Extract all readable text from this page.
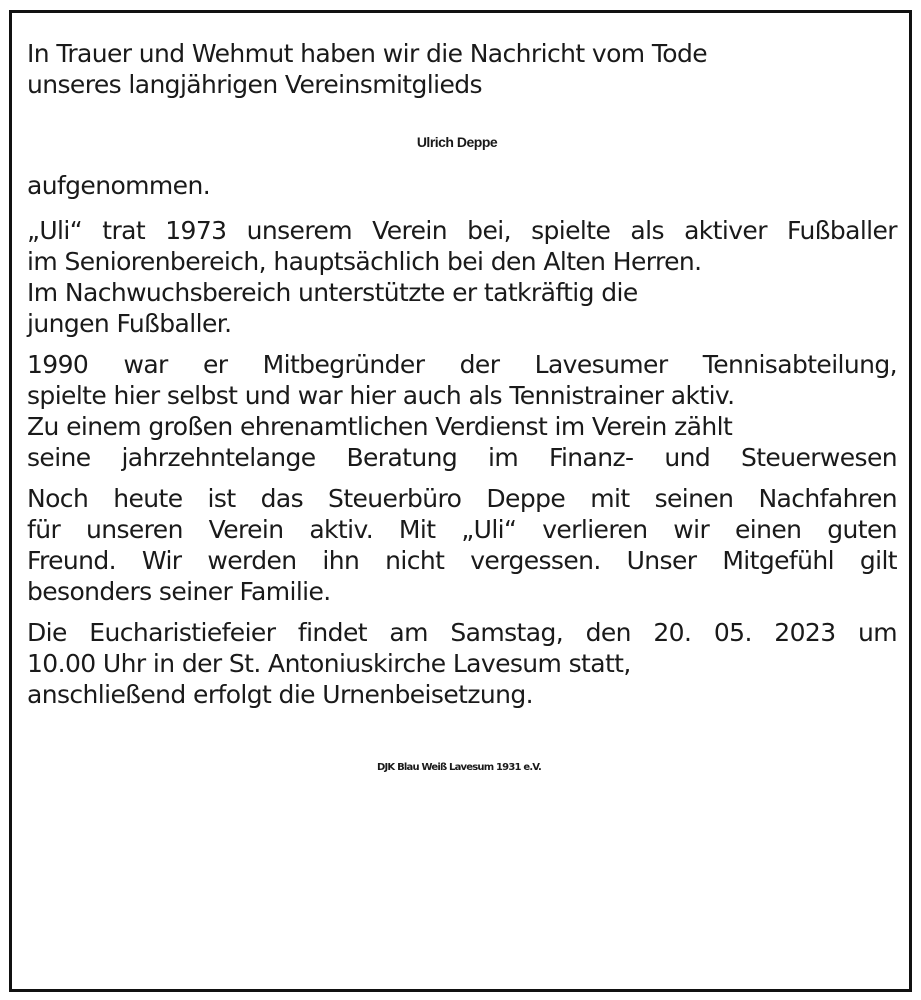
In Trauer und Wehmut haben wir die Nachricht vom Tode
unseres langjährigen Vereinsmitglieds
Ulrich Deppe
aufgenommen.
„Uli“ trat 1973 unserem Verein bei, spielte als aktiver Fußballer
im Seniorenbereich, hauptsächlich bei den Alten Herren.
Im Nachwuchsbereich unterstützte er tatkräftig die
jungen Fußballer.
1990 war er Mitbegründer der Lavesumer Tennisabteilung,
spielte hier selbst und war hier auch als Tennistrainer aktiv.
Zu einem großen ehrenamtlichen Verdienst im Verein zählt
seine jahrzehntelange Beratung im Finanz- und Steuerwesen
Noch heute ist das Steuerbüro Deppe mit seinen Nachfahren
für unseren Verein aktiv. Mit „Uli“ verlieren wir einen guten
Freund. Wir werden ihn nicht vergessen. Unser Mitgefühl gilt
besonders seiner Familie.
Die Eucharistiefeier findet am Samstag, den 20. 05. 2023 um
10.00 Uhr in der St. Antoniuskirche Lavesum statt,
anschließend erfolgt die Urnenbeisetzung.
DJK Blau Weiß Lavesum 1931 e.V.
